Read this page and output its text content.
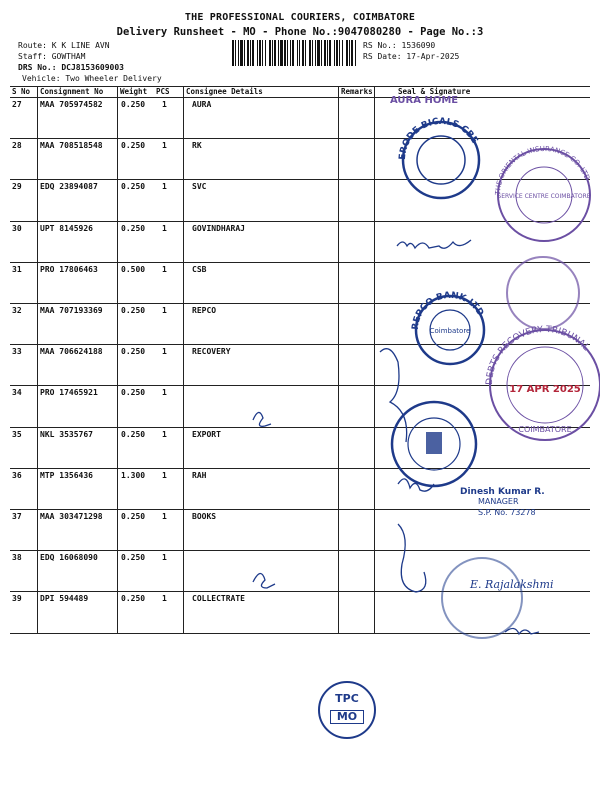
THE PROFESSIONAL COURIERS, COIMBATORE
Delivery Runsheet - MO - Phone No.:9047080280 - Page No.:3
Route: K K LINE AVN
Staff: GOWTHAM
DRS No.: DCJ8153609003
Vehicle: Two Wheeler Delivery
RS No.: 1536090
RS Date: 17-Apr-2025
S No Consignment No Weight PCS Consignee Details	Remarks	Seal & Signature
27 MAA 705974582 0.250 1	AURA
28 MAA 708518548 0.250 1	RK
29 EDQ 23894087	0.250 1	SVC
30 UPT 8145926	0.250 1	GOVINDHARAJ
31 PRO 17806463	0.500 1	CSB
32 MAA 707193369 0.250 1	REPCO
33 MAA 706624188 0.250 1	RECOVERY
34 PRO 17465921	0.250 1
35 NKL 3535767	0.250 1	EXPORT
36 MTP 1356436	1.300 1	RAH
37 MAA 303471298 0.250 1	BOOKS
38 EDQ 16068090	0.250 1
39 DPI 594489	0.250 1	COLLECTRATE
AURA HOME
ERODE BICALS CBE
THE ORIENTAL INSURANCE CO. LTD
SERVICE CENTRE COIMBATORE
REPCO BANK LTD
Coimbatore
DEBTS RECOVERY TRIBUNAL
17 APR 2025
COIMBATORE
Dinesh Kumar R.
MANAGER
S.P. No. 73278
E. Rajalakshmi
TPC
MO
